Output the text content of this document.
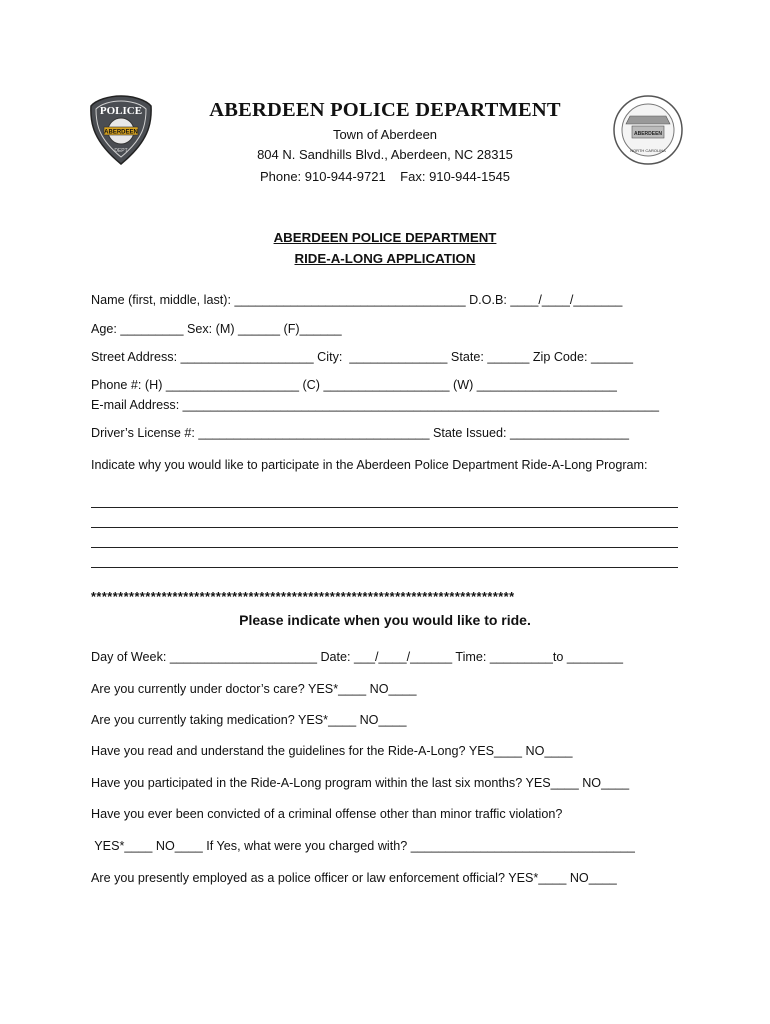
POLICE
ABERDEEN
DEPT
ABERDEEN
NORTH CAROLINA
ABERDEEN POLICE DEPARTMENT
Town of Aberdeen
804 N. Sandhills Blvd., Aberdeen, NC 28315
Phone: 910-944-9721    Fax: 910-944-1545
ABERDEEN POLICE DEPARTMENT
RIDE-A-LONG APPLICATION
Name (first, middle, last): _________________________________ D.O.B: ____/____/_______
Age: _________ Sex: (M) ______ (F)______
Street Address: ___________________ City:  ______________ State: ______ Zip Code: ______
Phone #: (H) ___________________ (C) __________________ (W) ____________________
E-mail Address: ____________________________________________________________________
Driver’s License #: _________________________________ State Issued: _________________
Indicate why you would like to participate in the Aberdeen Police Department Ride-A-Long Program:
******************************************************************************
Please indicate when you would like to ride.
Day of Week: _____________________ Date: ___/____/______ Time: _________to ________
Are you currently under doctor’s care? YES*____ NO____
Are you currently taking medication? YES*____ NO____
Have you read and understand the guidelines for the Ride-A-Long? YES____ NO____
Have you participated in the Ride-A-Long program within the last six months? YES____ NO____
Have you ever been convicted of a criminal offense other than minor traffic violation?
YES*____ NO____ If Yes, what were you charged with? ________________________________
Are you presently employed as a police officer or law enforcement official? YES*____ NO____
